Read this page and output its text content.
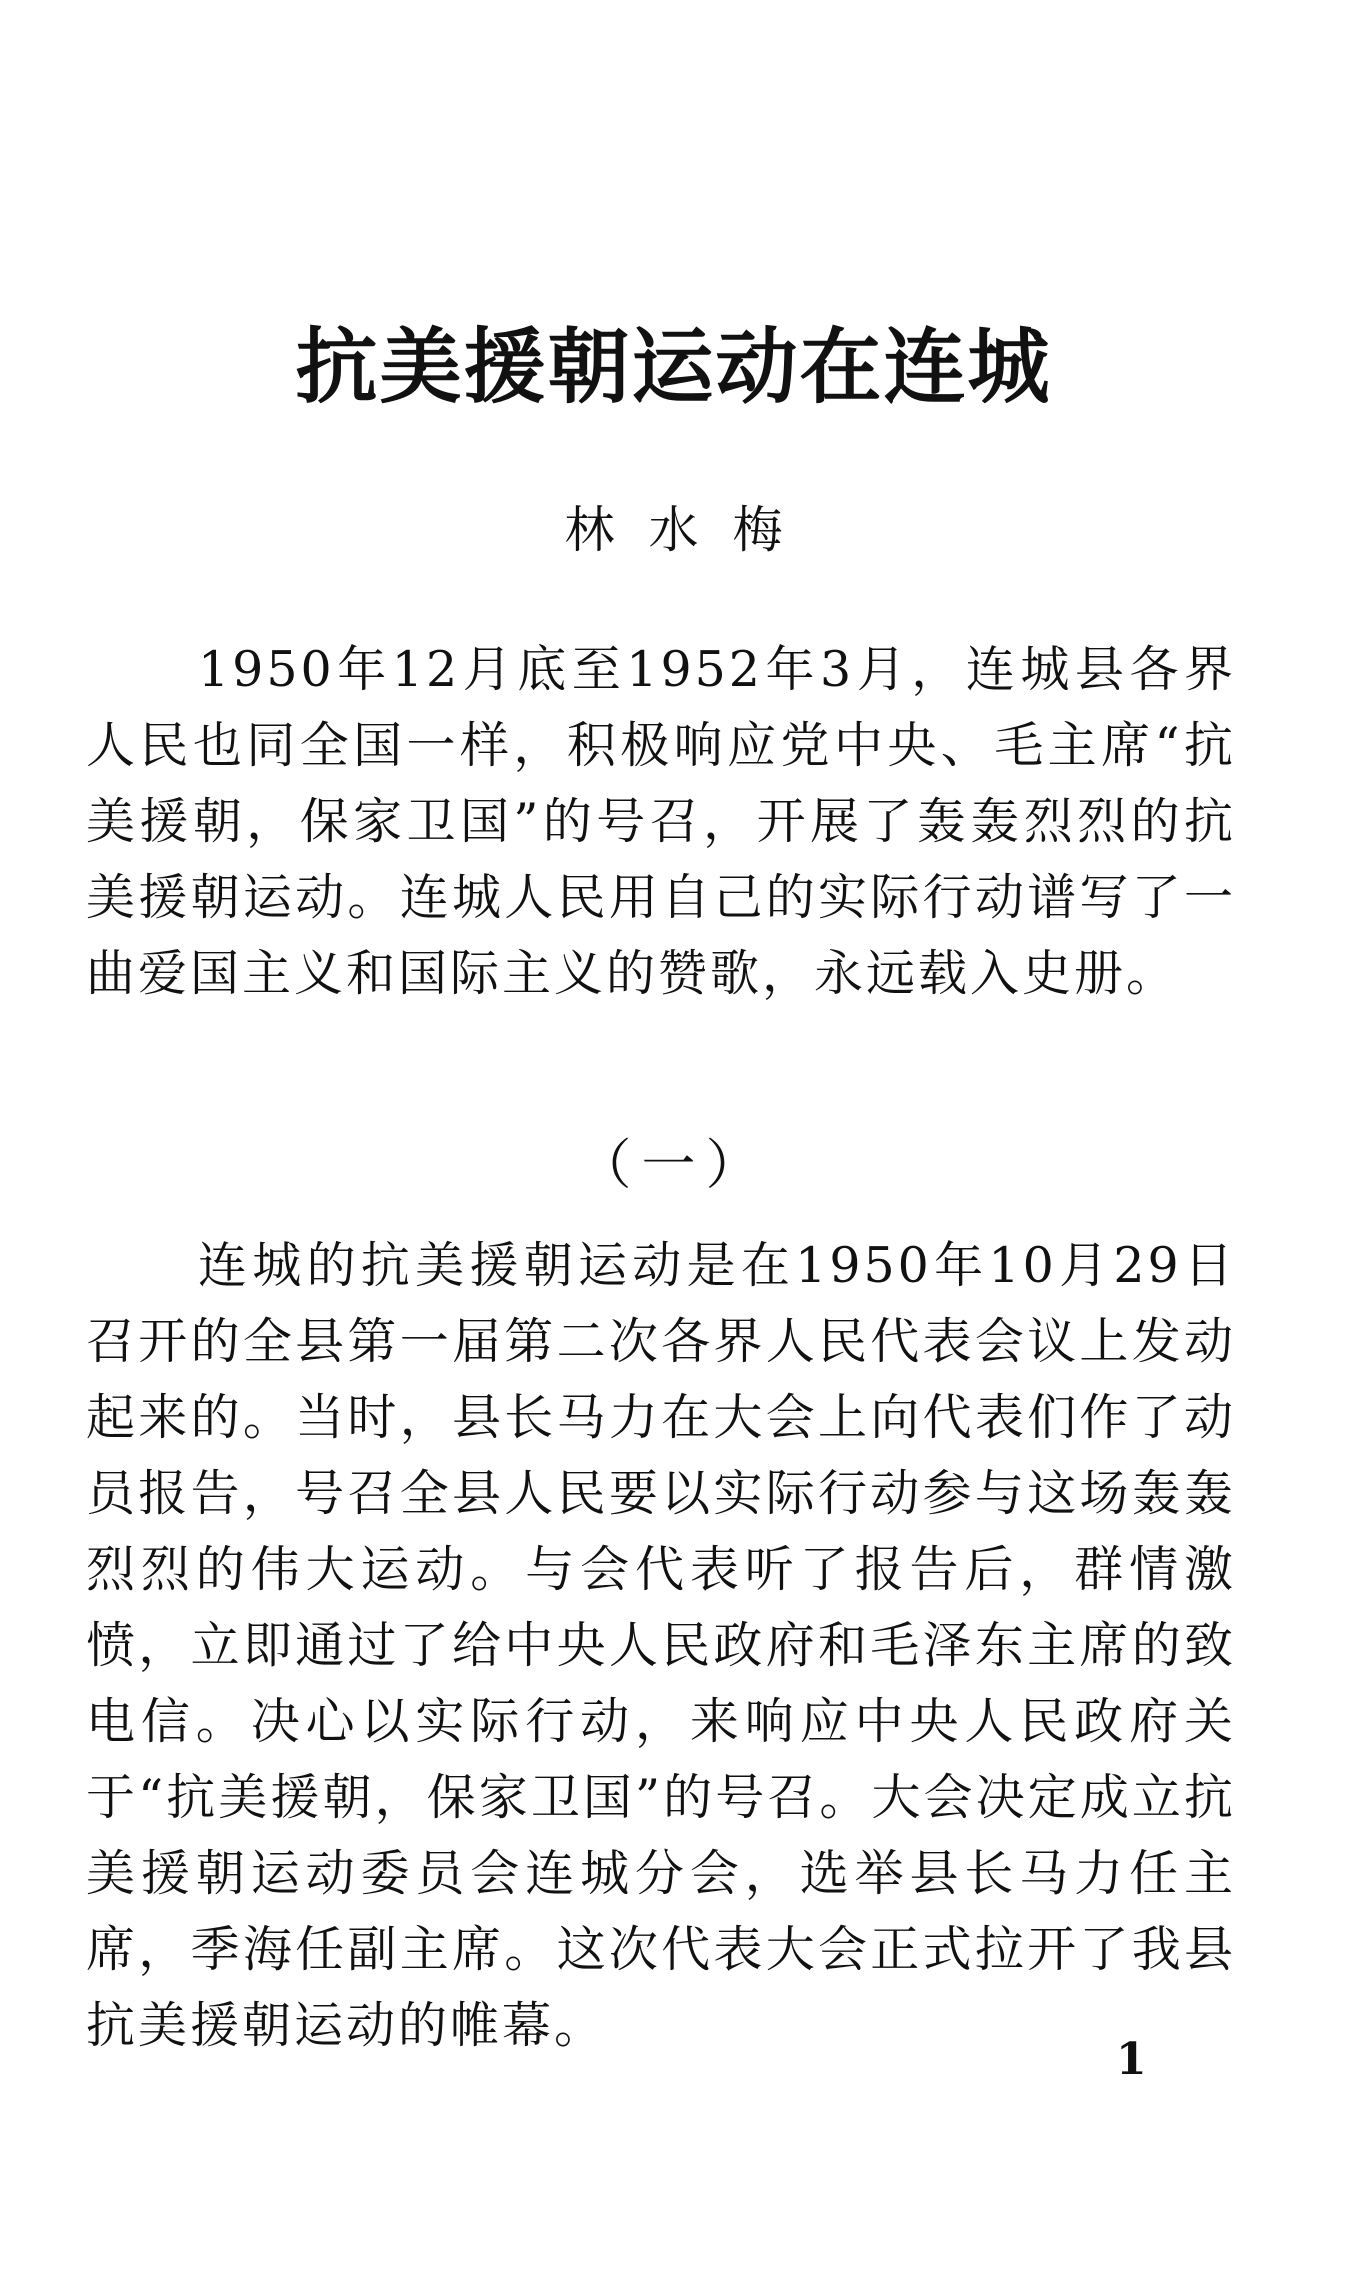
抗美援朝运动在连城
林水梅

1950年12月底至1952年3月，连城县各界人民也同全国一样，积极响应党中央、毛主席“抗美援朝，保家卫国”的号召，开展了轰轰烈烈的抗美援朝运动。连城人民用自己的实际行动谱写了一曲爱国主义和国际主义的赞歌，永远载入史册。

（一）

连城的抗美援朝运动是在1950年10月29日召开的全县第一届第二次各界人民代表会议上发动起来的。当时，县长马力在大会上向代表们作了动员报告，号召全县人民要以实际行动参与这场轰轰烈烈的伟大运动。与会代表听了报告后，群情激愤，立即通过了给中央人民政府和毛泽东主席的致电信。决心以实际行动，来响应中央人民政府关于“抗美援朝，保家卫国”的号召。大会决定成立抗美援朝运动委员会连城分会，选举县长马力任主席，季海任副主席。这次代表大会正式拉开了我县抗美援朝运动的帷幕。

1
